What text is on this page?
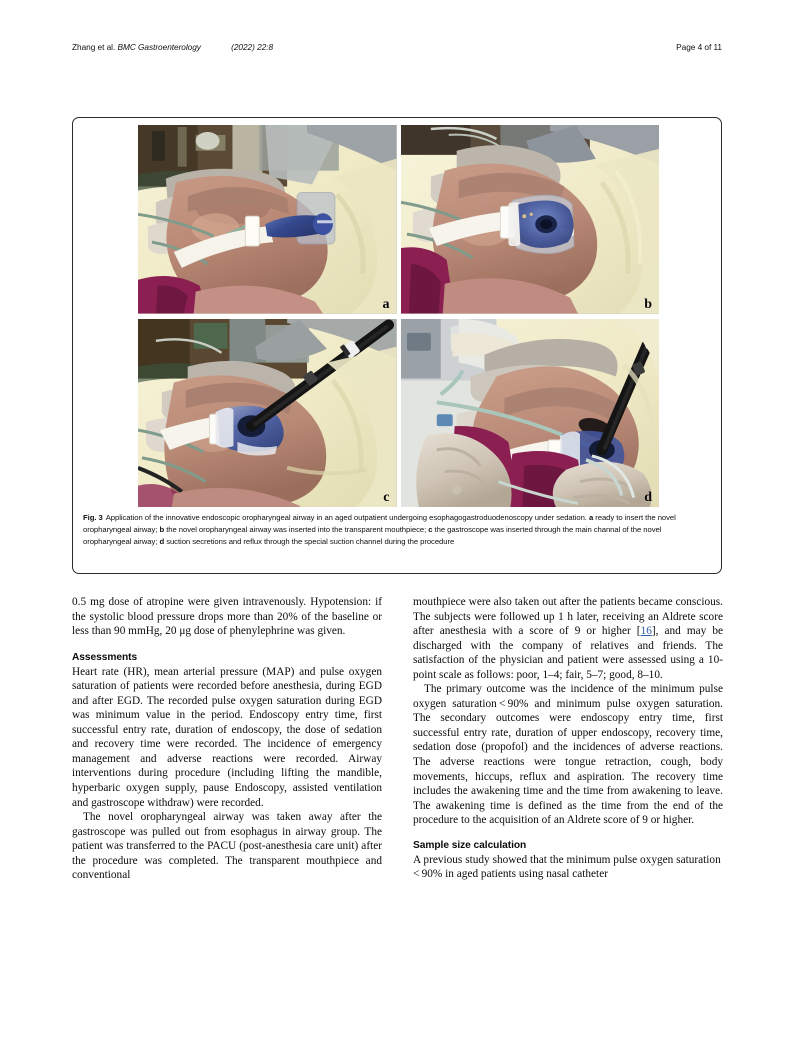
Zhang et al. BMC Gastroenterology	(2022) 22:8	Page 4 of 11
a	b
c	d
Fig. 3 Application of the innovative endoscopic oropharyngeal airway in an aged outpatient undergoing esophagogastroduodenoscopy under sedation. a ready to insert the novel oropharyngeal airway; b the novel oropharyngeal airway was inserted into the transparent mouthpiece; c the gastroscope was inserted through the main channal of the novel oropharyngeal airway; d suction secretions and reflux through the special suction channel during the procedure

0.5 mg dose of atropine were given intravenously. Hypotension: if the systolic blood pressure drops more than 20% of the baseline or less than 90 mmHg, 20 μg dose of phenylephrine was given.

Assessments

Heart rate (HR), mean arterial pressure (MAP) and pulse oxygen saturation of patients were recorded before anesthesia, during EGD and after EGD. The recorded pulse oxygen saturation during EGD was minimum value in the period. Endoscopy entry time, first successful entry rate, duration of endoscopy, the dose of sedation and recovery time were recorded. The incidence of emergency management and adverse reactions were recorded. Airway interventions during procedure (including lifting the mandible, hyperbaric oxygen supply, pause Endoscopy, assisted ventilation and gastroscope withdraw) were recorded.

The novel oropharyngeal airway was taken away after the gastroscope was pulled out from esophagus in airway group. The patient was transferred to the PACU (post-anesthesia care unit) after the procedure was completed. The transparent mouthpiece and conventional

mouthpiece were also taken out after the patients became conscious. The subjects were followed up 1 h later, receiving an Aldrete score after anesthesia with a score of 9 or higher [16], and may be discharged with the company of relatives and friends. The satisfaction of the physician and patient were assessed using a 10-point scale as follows: poor, 1–4; fair, 5–7; good, 8–10.

The primary outcome was the incidence of the minimum pulse oxygen saturation < 90% and minimum pulse oxygen saturation. The secondary outcomes were endoscopy entry time, first successful entry rate, duration of upper endoscopy, recovery time, sedation dose (propofol) and the incidences of adverse reactions. The adverse reactions were tongue retraction, cough, body movements, hiccups, reflux and aspiration. The recovery time includes the awakening time and the time from awakening to leave. The awakening time is defined as the time from the end of the procedure to the acquisition of an Aldrete score of 9 or higher.

Sample size calculation

A previous study showed that the minimum pulse oxygen saturation < 90% in aged patients using nasal catheter
